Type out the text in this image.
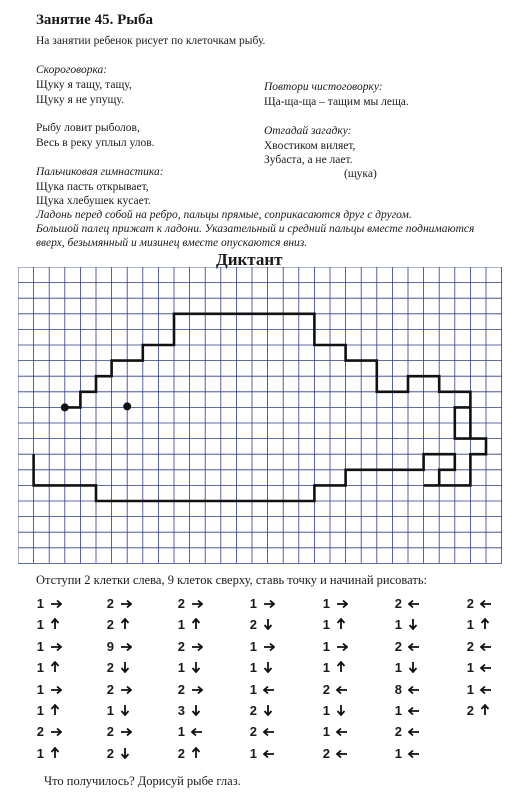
Занятие 45. Рыба
На занятии ребенок рисует по клеточкам рыбу.
Скороговорка:
Щуку я тащу, тащу,
Щуку я не упущу.
Рыбу ловит рыболов,
Весь в реку уплыл улов.
Повтори чистоговорку:
Ща-ща-ща – тащим мы леща.
Отгадай загадку:
Хвостиком виляет,
Зубаста, а не лает.
(щука)
Пальчиковая гимнастика:
Щука пасть открывает,
Щука хлебушек кусает.
Ладонь перед собой на ребро, пальцы прямые, соприкасаются друг с другом.
Большой палец прижат к ладони. Указательный и средний пальцы вместе поднимаются
вверх, безымянный и мизинец вместе опускаются вниз.
Диктант
Отступи 2 клетки слева, 9 клеток сверху, ставь точку и начинай рисовать:
1
1
1
1
1
1
2
1
2
2
9
2
2
1
2
2
2
1
2
1
2
3
1
2
1
2
1
1
1
2
2
1
1
1
1
1
2
1
1
2
2
1
2
1
8
1
2
1
2
1
2
1
1
2
Что получилось? Дорисуй рыбе глаз.
